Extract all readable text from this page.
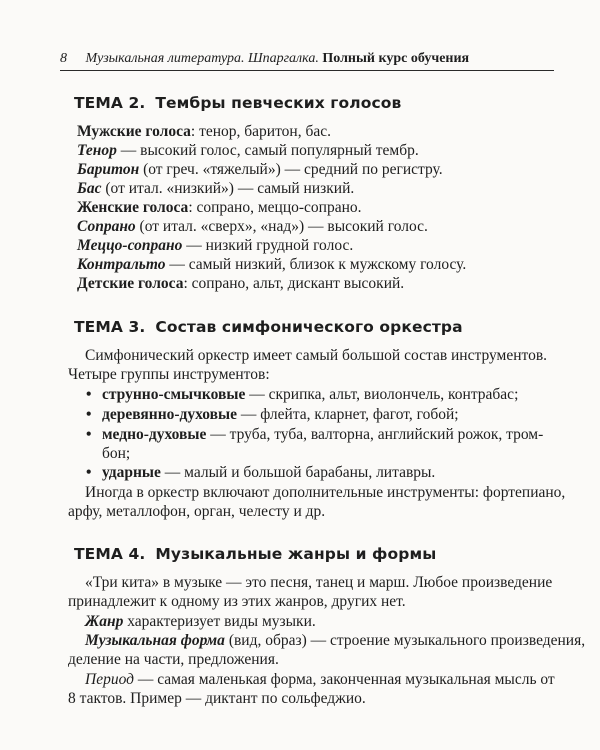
8 Музыкальная литература. Шпаргалка. Полный курс обучения
ТЕМА 2. Тембры певческих голосов
Мужские голоса: тенор, баритон, бас.
Тенор — высокий голос, самый популярный тембр.
Баритон (от греч. «тяжелый») — средний по регистру.
Бас (от итал. «низкий») — самый низкий.
Женские голоса: сопрано, меццо-сопрано.
Сопрано (от итал. «сверх», «над») — высокий голос.
Меццо-сопрано — низкий грудной голос.
Контральто — самый низкий, близок к мужскому голосу.
Детские голоса: сопрано, альт, дискант высокий.
ТЕМА 3. Состав симфонического оркестра
Симфонический оркестр имеет самый большой состав инструментов.
Четыре группы инструментов:
• струнно-смычковые — скрипка, альт, виолончель, контрабас;
• деревянно-духовые — флейта, кларнет, фагот, гобой;
• медно-духовые — труба, туба, валторна, английский рожок, тром-
бон;
• ударные — малый и большой барабаны, литавры.
Иногда в оркестр включают дополнительные инструменты: фортепиано,
арфу, металлофон, орган, челесту и др.
ТЕМА 4. Музыкальные жанры и формы
«Три кита» в музыке — это песня, танец и марш. Любое произведение
принадлежит к одному из этих жанров, других нет.
Жанр характеризует виды музыки.
Музыкальная форма (вид, образ) — строение музыкального произведения,
деление на части, предложения.
Период — самая маленькая форма, законченная музыкальная мысль от
8 тактов. Пример — диктант по сольфеджио.
